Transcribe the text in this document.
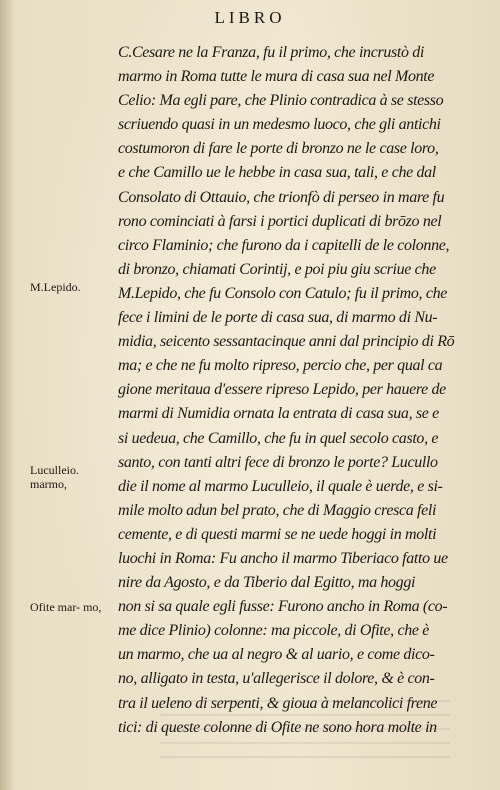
LIBRO
M.Lepido.
Luculleio. marmo,
Ofite mar- mo,
C.Cesare ne la Franza, fu il primo, che incrustò di
marmo in Roma tutte le mura di casa sua nel Monte
Celio: Ma egli pare, che Plinio contradica à se stesso
scriuendo quasi in un medesmo luoco, che gli antichi
costumoron di fare le porte di bronzo ne le case loro,
e che Camillo ue le hebbe in casa sua, tali, e che dal
Consolato di Ottauio, che trionfò di perseo in mare fu
rono cominciati à farsi i portici duplicati di brōzo nel
circo Flaminio; che furono da i capitelli de le colonne,
di bronzo, chiamati Corintij, e poi piu giu scriue che
M.Lepido, che fu Consolo con Catulo; fu il primo, che
fece i limini de le porte di casa sua, di marmo di Nu-
midia, seicento sessantacinque anni dal principio di Rō
ma; e che ne fu molto ripreso, percio che, per qual ca
gione meritaua d'essere ripreso Lepido, per hauere de
marmi di Numidia ornata la entrata di casa sua, se e
si uedeua, che Camillo, che fu in quel secolo casto, e
santo, con tanti altri fece di bronzo le porte? Lucullo
die il nome al marmo Luculleio, il quale è uerde, e si-
mile molto adun bel prato, che di Maggio cresca feli
cemente, e di questi marmi se ne uede hoggi in molti
luochi in Roma: Fu ancho il marmo Tiberiaco fatto ue
nire da Agosto, e da Tiberio dal Egitto, ma hoggi
non si sa quale egli fusse: Furono ancho in Roma (co-
me dice Plinio) colonne: ma piccole, di Ofite, che è
un marmo, che ua al negro & al uario, e come dico-
no, alligato in testa, u'allegerisce il dolore, & è con-
tra il ueleno di serpenti, & gioua à melancolici frene
tici: di queste colonne di Ofite ne sono hora molte in
